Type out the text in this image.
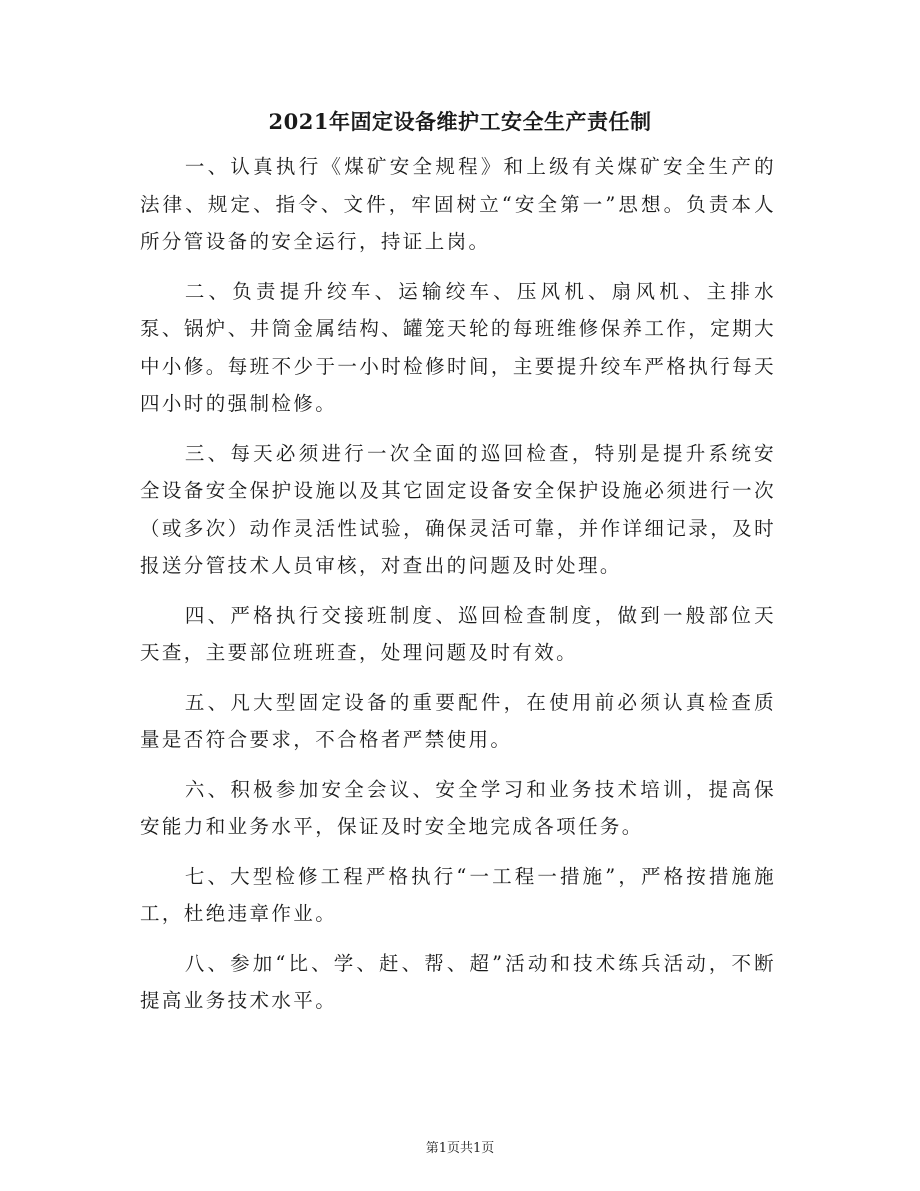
2021年固定设备维护工安全生产责任制

一、认真执行《煤矿安全规程》和上级有关煤矿安全生产的法律、规定、指令、文件，牢固树立“安全第一”思想。负责本人所分管设备的安全运行，持证上岗。

二、负责提升绞车、运输绞车、压风机、扇风机、主排水泵、锅炉、井筒金属结构、罐笼天轮的每班维修保养工作，定期大中小修。每班不少于一小时检修时间，主要提升绞车严格执行每天四小时的强制检修。

三、每天必须进行一次全面的巡回检查，特别是提升系统安全设备安全保护设施以及其它固定设备安全保护设施必须进行一次（或多次）动作灵活性试验，确保灵活可靠，并作详细记录，及时报送分管技术人员审核，对查出的问题及时处理。

四、严格执行交接班制度、巡回检查制度，做到一般部位天天查，主要部位班班查，处理问题及时有效。

五、凡大型固定设备的重要配件，在使用前必须认真检查质量是否符合要求，不合格者严禁使用。

六、积极参加安全会议、安全学习和业务技术培训，提高保安能力和业务水平，保证及时安全地完成各项任务。

七、大型检修工程严格执行“一工程一措施”，严格按措施施工，杜绝违章作业。

八、参加“比、学、赶、帮、超”活动和技术练兵活动，不断提高业务技术水平。

第1页共1页
